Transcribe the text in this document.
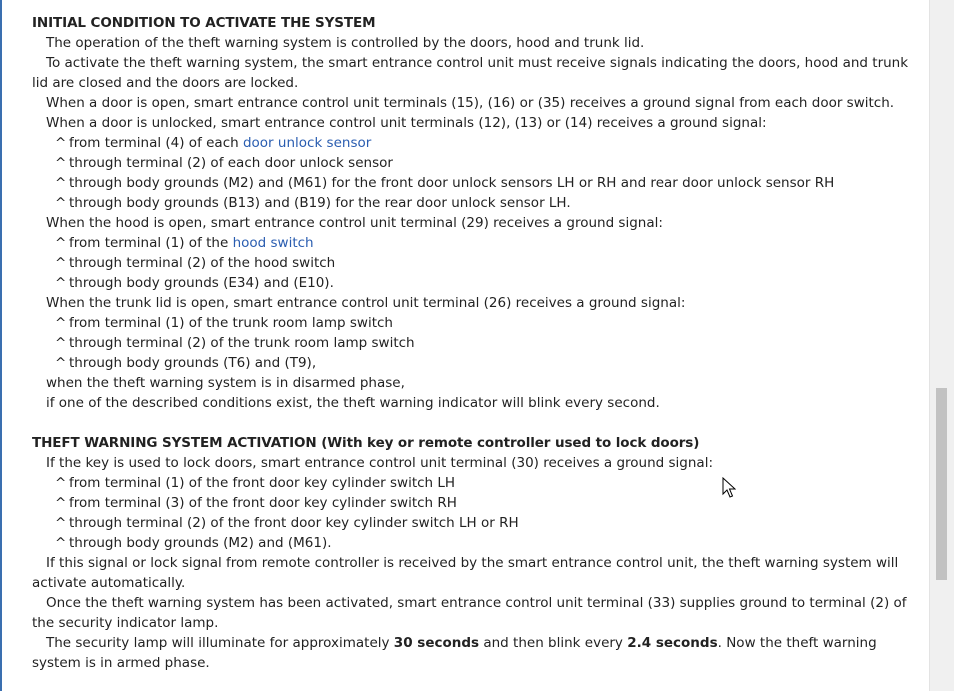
INITIAL CONDITION TO ACTIVATE THE SYSTEM
The operation of the theft warning system is controlled by the doors, hood and trunk lid.
To activate the theft warning system, the smart entrance control unit must receive signals indicating the doors, hood and trunk lid are closed and the doors are locked.
When a door is open, smart entrance control unit terminals (15), (16) or (35) receives a ground signal from each door switch.
When a door is unlocked, smart entrance control unit terminals (12), (13) or (14) receives a ground signal:
^ from terminal (4) of each door unlock sensor
^ through terminal (2) of each door unlock sensor
^ through body grounds (M2) and (M61) for the front door unlock sensors LH or RH and rear door unlock sensor RH
^ through body grounds (B13) and (B19) for the rear door unlock sensor LH.
When the hood is open, smart entrance control unit terminal (29) receives a ground signal:
^ from terminal (1) of the hood switch
^ through terminal (2) of the hood switch
^ through body grounds (E34) and (E10).
When the trunk lid is open, smart entrance control unit terminal (26) receives a ground signal:
^ from terminal (1) of the trunk room lamp switch
^ through terminal (2) of the trunk room lamp switch
^ through body grounds (T6) and (T9),
when the theft warning system is in disarmed phase,
if one of the described conditions exist, the theft warning indicator will blink every second.
THEFT WARNING SYSTEM ACTIVATION (With key or remote controller used to lock doors)
If the key is used to lock doors, smart entrance control unit terminal (30) receives a ground signal:
^ from terminal (1) of the front door key cylinder switch LH
^ from terminal (3) of the front door key cylinder switch RH
^ through terminal (2) of the front door key cylinder switch LH or RH
^ through body grounds (M2) and (M61).
If this signal or lock signal from remote controller is received by the smart entrance control unit, the theft warning system will activate automatically.
Once the theft warning system has been activated, smart entrance control unit terminal (33) supplies ground to terminal (2) of the security indicator lamp.
The security lamp will illuminate for approximately 30 seconds and then blink every 2.4 seconds. Now the theft warning system is in armed phase.
